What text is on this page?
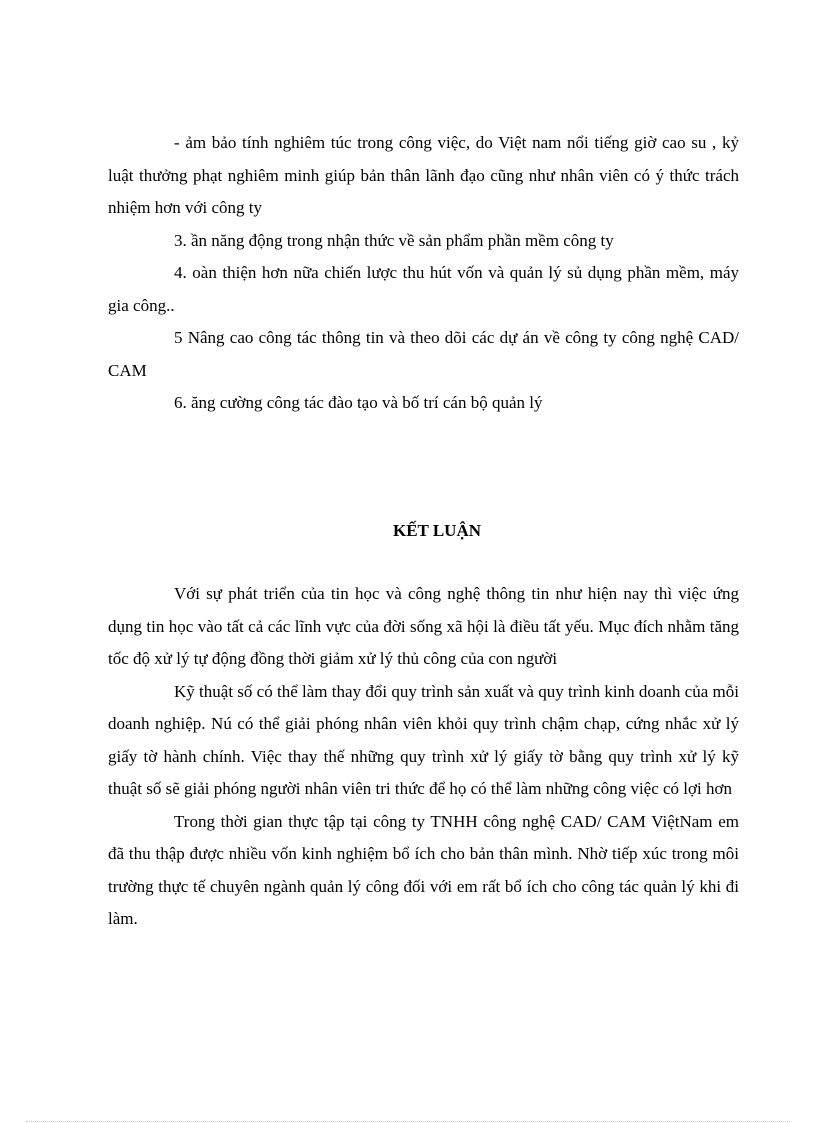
- ảm bảo tính nghiêm túc trong công việc, do Việt nam nổi tiếng giờ cao su , kỷ luật thưởng phạt nghiêm minh giúp bản thân lãnh đạo cũng như nhân viên có ý thức trách nhiệm hơn với công ty

3. ần năng động trong nhận thức về sản phẩm phần mềm công ty

4. oàn thiện hơn nữa chiến lược thu hút vốn và quản lý sủ dụng phần mềm, máy gia công..

5 Nâng cao công tác thông tin và theo dõi các dự án về công ty công nghệ CAD/ CAM

6. ăng cường công tác đào tạo và bố trí cán bộ quản lý

KẾT LUẬN

Với sự phát triển của tin học và công nghệ thông tin như hiện nay thì việc ứng dụng tin học vào tất cả các lĩnh vực của đời sống xã hội là điều tất yếu. Mục đích nhằm tăng tốc độ xử lý tự động đồng thời giảm xử lý thủ công của con người

Kỹ thuật số có thể làm thay đổi quy trình sản xuất và quy trình kinh doanh của mỗi doanh nghiệp. Nú có thể giải phóng nhân viên khỏi quy trình chậm chạp, cứng nhắc xử lý giấy tờ hành chính. Việc thay thế những quy trình xử lý giấy tờ bằng quy trình xử lý kỹ thuật số sẽ giải phóng người nhân viên tri thức để họ có thể làm những công việc có lợi hơn

Trong thời gian thực tập tại công ty TNHH công nghệ CAD/ CAM ViệtNam em đã thu thập được nhiều vốn kinh nghiệm bổ ích cho bản thân mình. Nhờ tiếp xúc trong môi trường thực tế chuyên ngành quản lý công đối với em rất bổ ích cho công tác quản lý khi đi làm.
